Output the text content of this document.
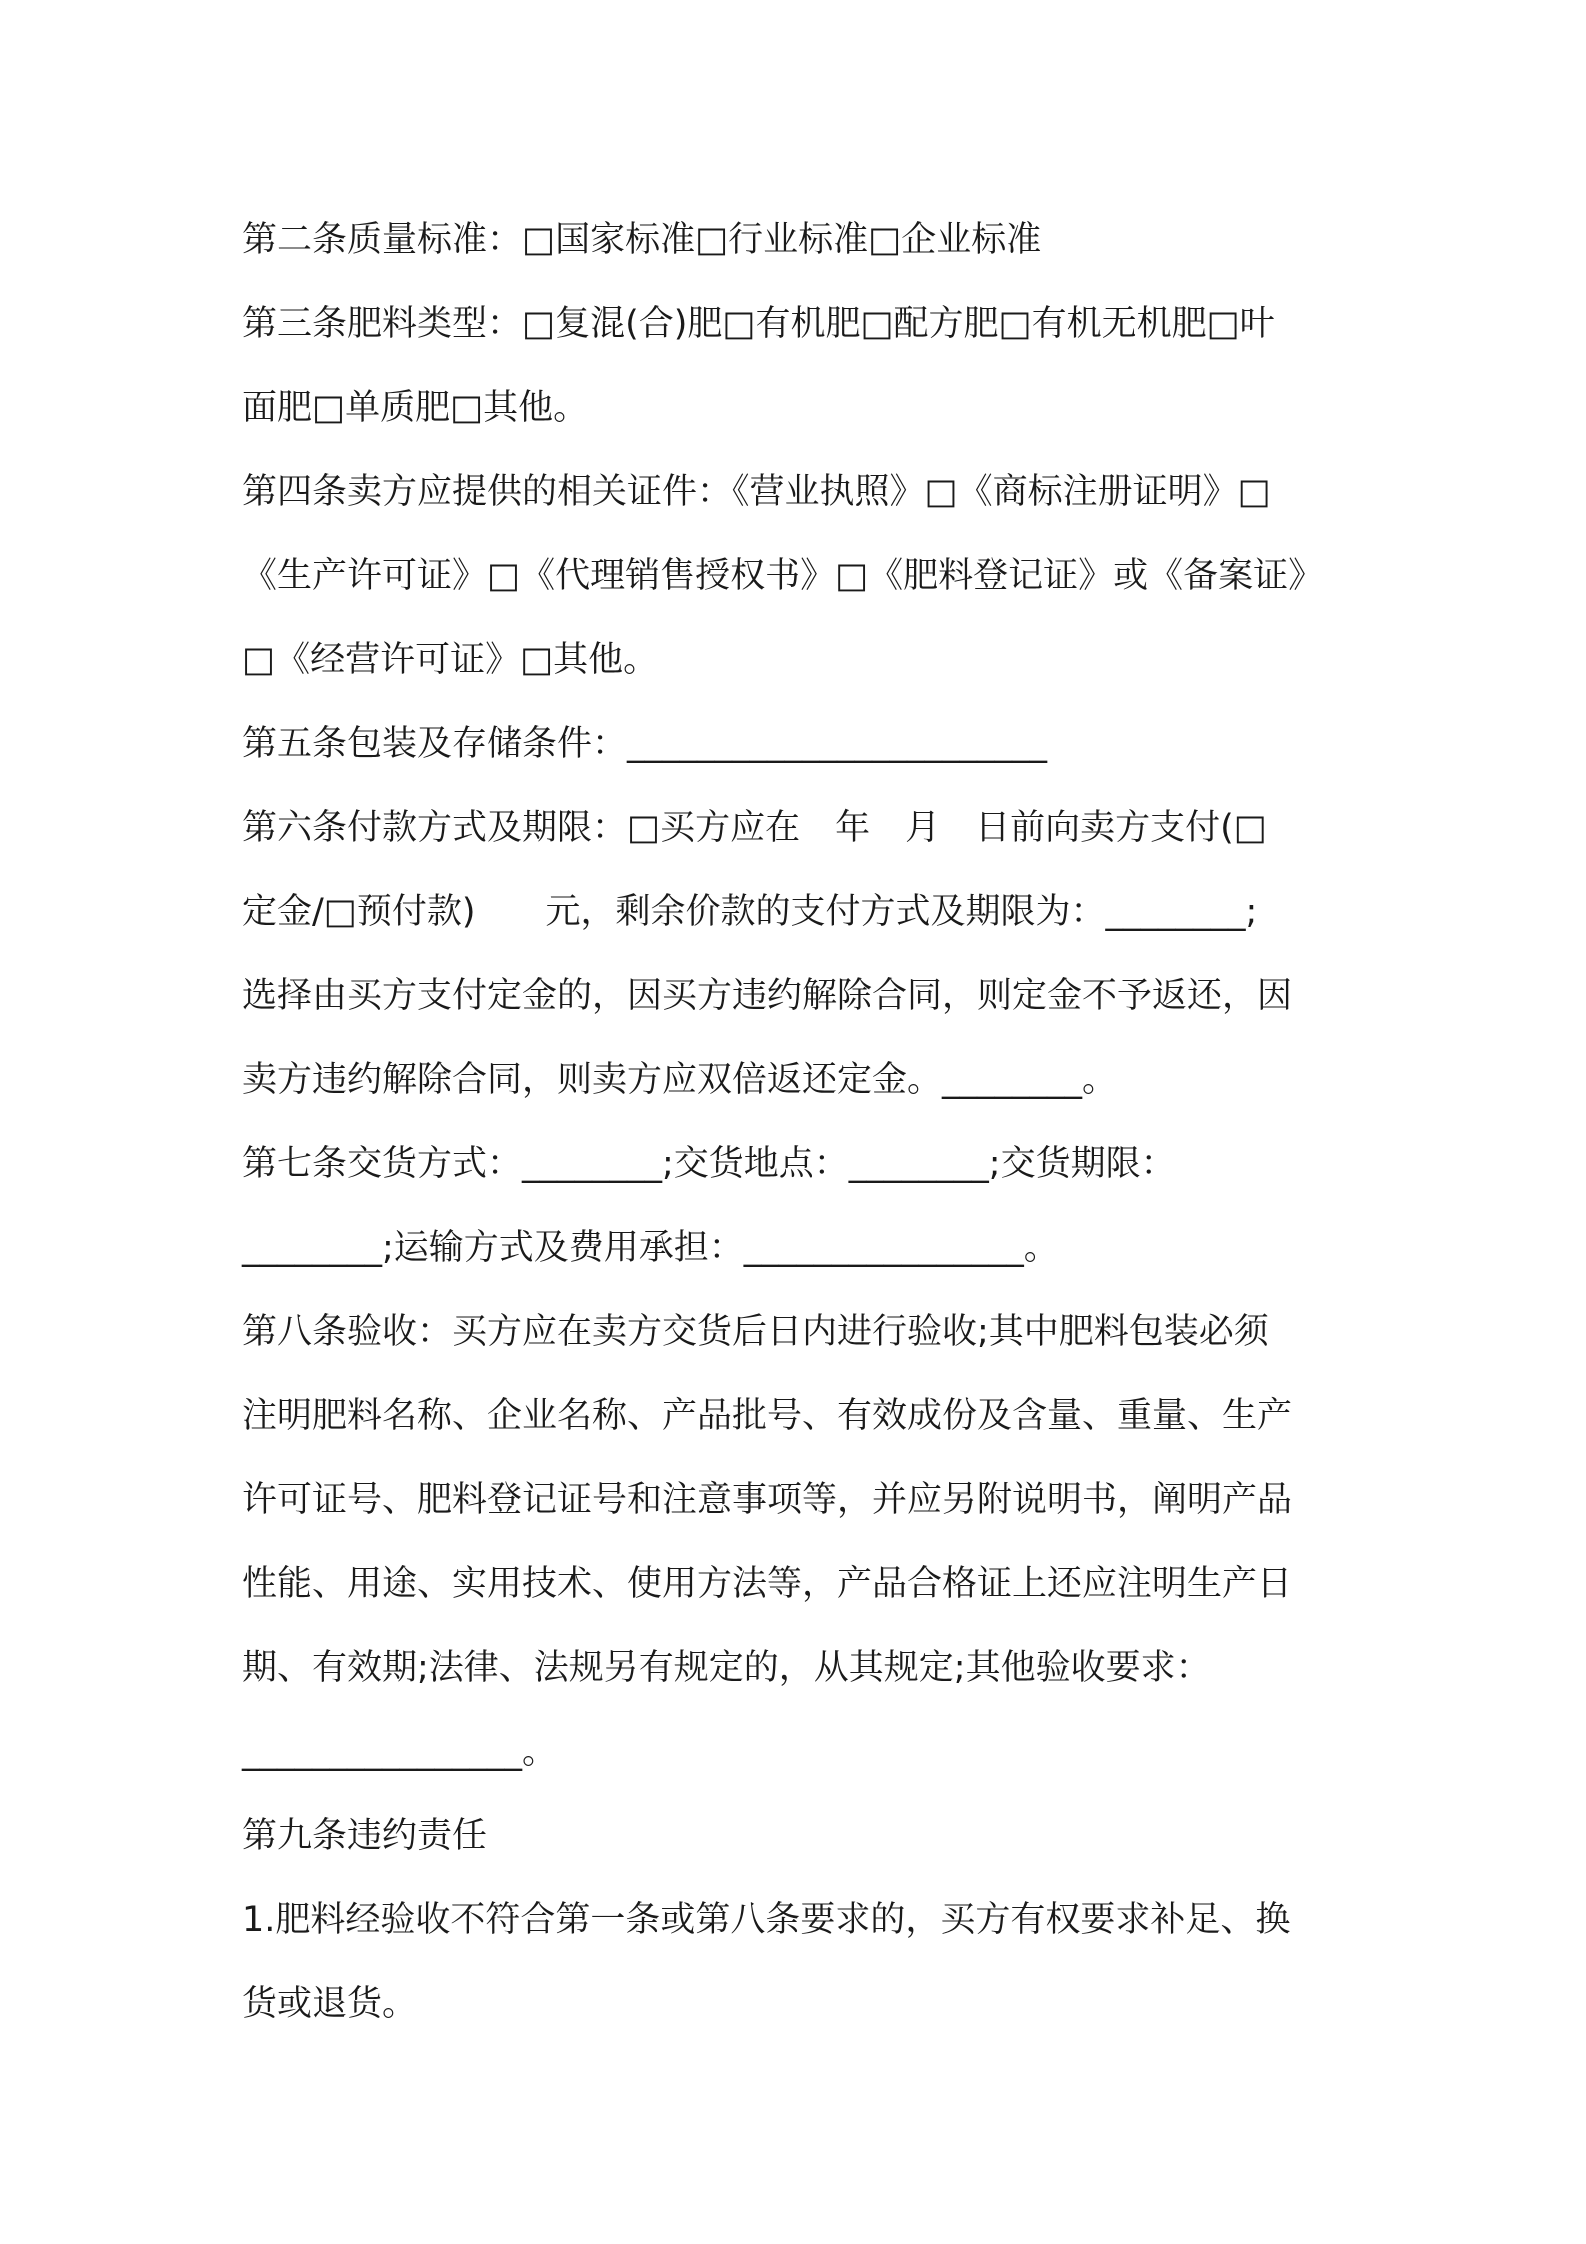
第二条质量标准：□国家标准□行业标准□企业标准
第三条肥料类型：□复混(合)肥□有机肥□配方肥□有机无机肥□叶
面肥□单质肥□其他。
第四条卖方应提供的相关证件：《营业执照》□《商标注册证明》□
《生产许可证》□《代理销售授权书》□《肥料登记证》或《备案证》
□《经营许可证》□其他。
第五条包装及存储条件：________________________
第六条付款方式及期限：□买方应在　年　月　日前向卖方支付(□
定金/□预付款)　　元，剩余价款的支付方式及期限为：________;
选择由买方支付定金的，因买方违约解除合同，则定金不予返还，因
卖方违约解除合同，则卖方应双倍返还定金。________。
第七条交货方式：________;交货地点：________;交货期限：
________;运输方式及费用承担：________________。
第八条验收：买方应在卖方交货后日内进行验收;其中肥料包装必须
注明肥料名称、企业名称、产品批号、有效成份及含量、重量、生产
许可证号、肥料登记证号和注意事项等，并应另附说明书，阐明产品
性能、用途、实用技术、使用方法等，产品合格证上还应注明生产日
期、有效期;法律、法规另有规定的，从其规定;其他验收要求：
________________。
第九条违约责任
1.肥料经验收不符合第一条或第八条要求的，买方有权要求补足、换
货或退货。
